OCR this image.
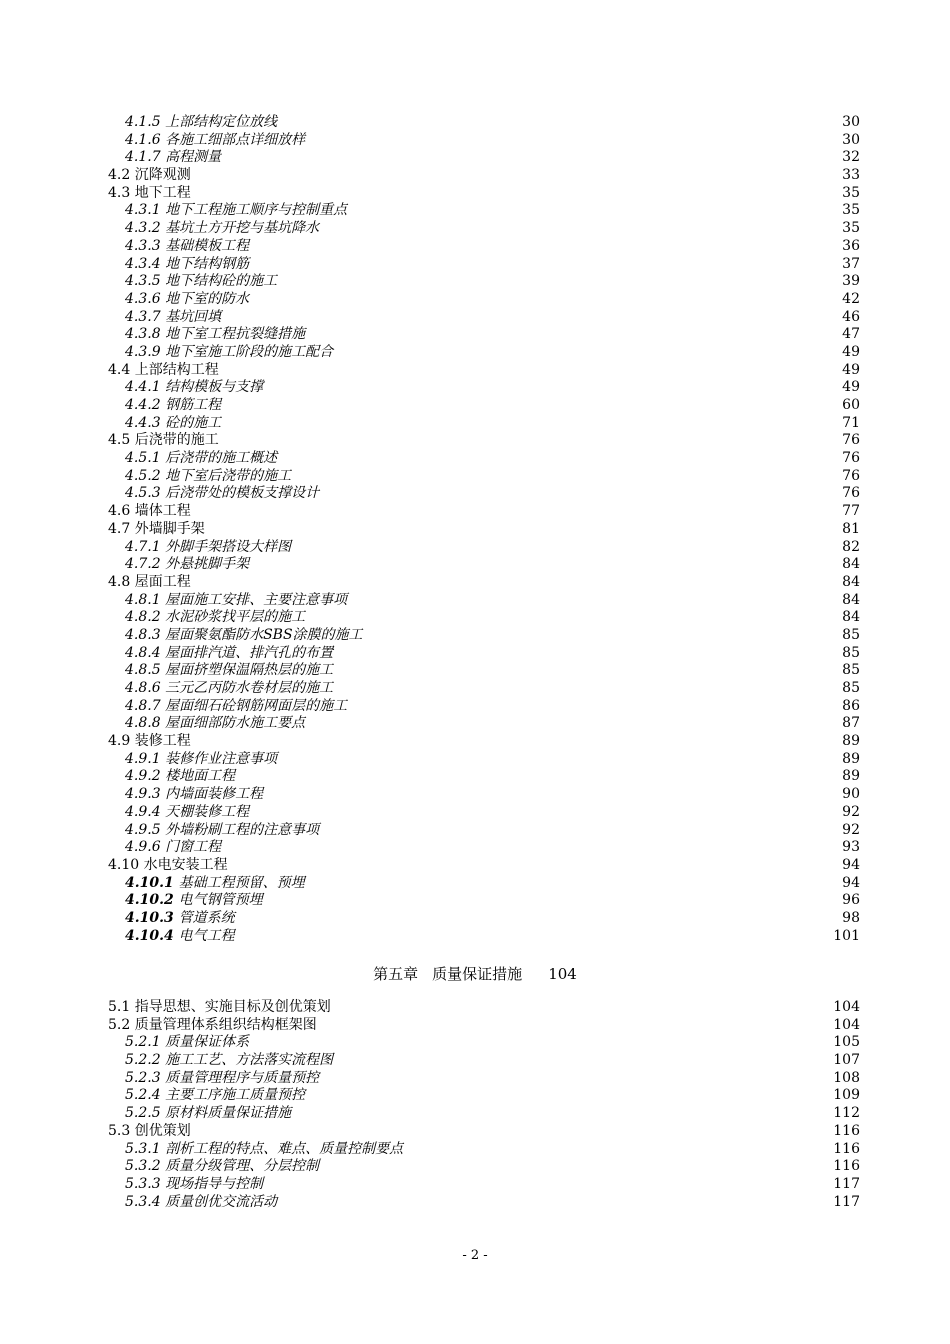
4.1.5 上部结构定位放线	30
4.1.6 各施工细部点详细放样	30
4.1.7 高程测量	32
4.2 沉降观测	33
4.3 地下工程	35
4.3.1 地下工程施工顺序与控制重点	35
4.3.2 基坑土方开挖与基坑降水	35
4.3.3 基础模板工程	36
4.3.4 地下结构钢筋	37
4.3.5 地下结构砼的施工	39
4.3.6 地下室的防水	42
4.3.7 基坑回填	46
4.3.8 地下室工程抗裂缝措施	47
4.3.9 地下室施工阶段的施工配合	49
4.4 上部结构工程	49
4.4.1 结构模板与支撑	49
4.4.2 钢筋工程	60
4.4.3 砼的施工	71
4.5 后浇带的施工	76
4.5.1 后浇带的施工概述	76
4.5.2 地下室后浇带的施工	76
4.5.3 后浇带处的模板支撑设计	76
4.6 墙体工程	77
4.7 外墙脚手架	81
4.7.1 外脚手架搭设大样图	82
4.7.2 外悬挑脚手架	84
4.8 屋面工程	84
4.8.1 屋面施工安排、主要注意事项	84
4.8.2 水泥砂浆找平层的施工	84
4.8.3 屋面聚氨酯防水SBS涂膜的施工	85
4.8.4 屋面排汽道、排汽孔的布置	85
4.8.5 屋面挤塑保温隔热层的施工	85
4.8.6 三元乙丙防水卷材层的施工	85
4.8.7 屋面细石砼钢筋网面层的施工	86
4.8.8 屋面细部防水施工要点	87
4.9 装修工程	89
4.9.1 装修作业注意事项	89
4.9.2 楼地面工程	89
4.9.3 内墙面装修工程	90
4.9.4 天棚装修工程	92
4.9.5 外墙粉刷工程的注意事项	92
4.9.6 门窗工程	93
4.10 水电安装工程	94
4.10.1 基础工程预留、预埋	94
4.10.2 电气钢管预埋	96
4.10.3 管道系统	98
4.10.4 电气工程	101
第五章 质量保证措施 104
5.1 指导思想、实施目标及创优策划	104
5.2 质量管理体系组织结构框架图	104
5.2.1 质量保证体系	105
5.2.2 施工工艺、方法落实流程图	107
5.2.3 质量管理程序与质量预控	108
5.2.4 主要工序施工质量预控	109
5.2.5 原材料质量保证措施	112
5.3 创优策划	116
5.3.1 剖析工程的特点、难点、质量控制要点	116
5.3.2 质量分级管理、分层控制	116
5.3.3 现场指导与控制	117
5.3.4 质量创优交流活动	117
- 2 -
